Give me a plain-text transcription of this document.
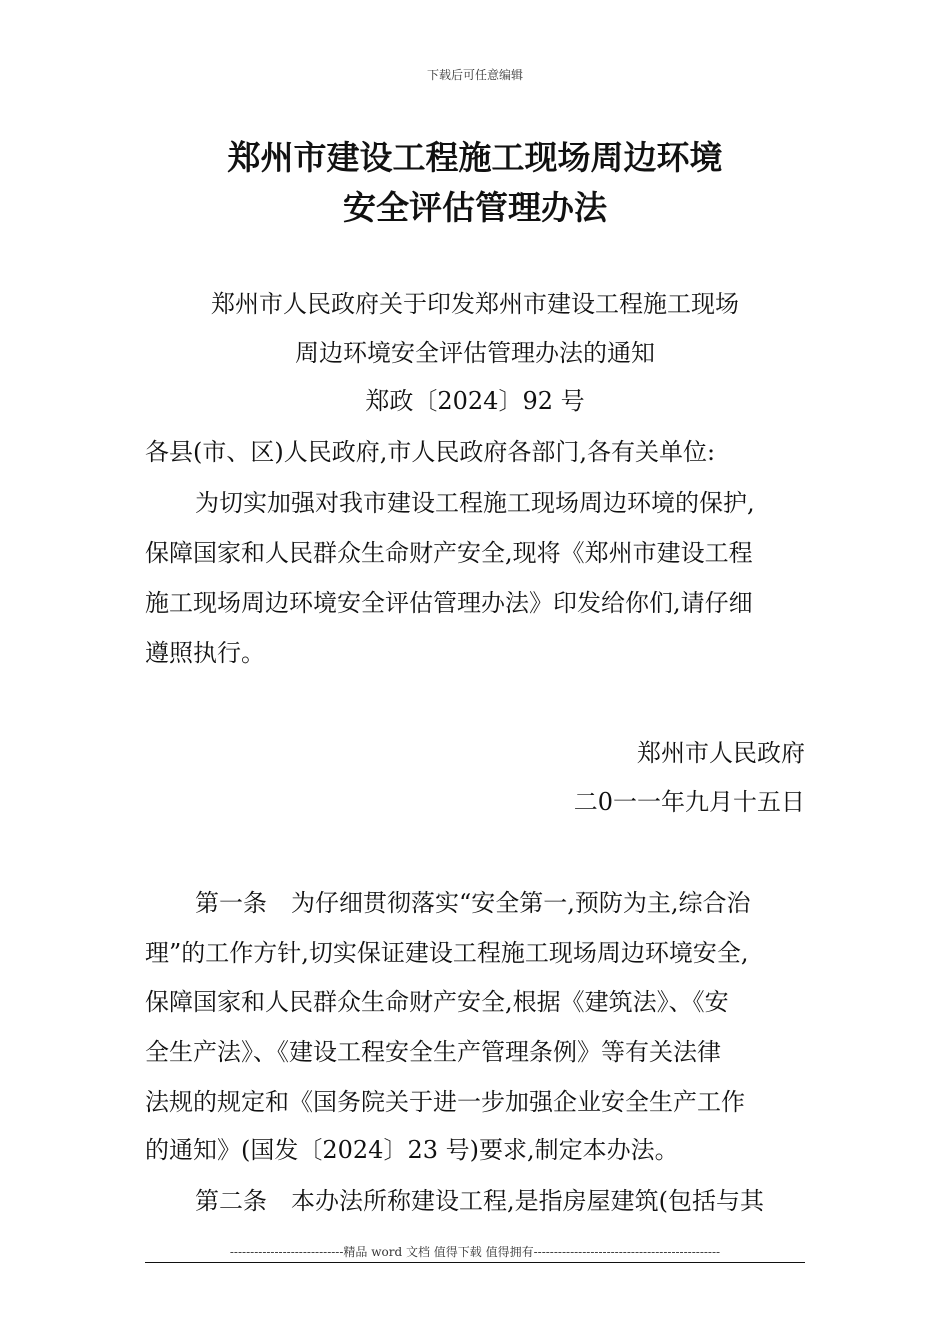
下载后可任意编辑
郑州市建设工程施工现场周边环境
安全评估管理办法
郑州市人民政府关于印发郑州市建设工程施工现场
周边环境安全评估管理办法的通知
郑政〔2024〕92 号
各县(市、区)人民政府,市人民政府各部门,各有关单位:
为切实加强对我市建设工程施工现场周边环境的保护,
保障国家和人民群众生命财产安全,现将《郑州市建设工程
施工现场周边环境安全评估管理办法》印发给你们,请仔细
遵照执行。
郑州市人民政府
二0一一年九月十五日
第一条　为仔细贯彻落实“安全第一,预防为主,综合治
理”的工作方针,切实保证建设工程施工现场周边环境安全,
保障国家和人民群众生命财产安全,根据《建筑法》、《安
全生产法》、《建设工程安全生产管理条例》等有关法律
法规的规定和《国务院关于进一步加强企业安全生产工作
的通知》(国发〔2024〕23 号)要求,制定本办法。
第二条　本办法所称建设工程,是指房屋建筑(包括与其
----------------------------精品 word 文档 值得下载 值得拥有----------------------------------------------
